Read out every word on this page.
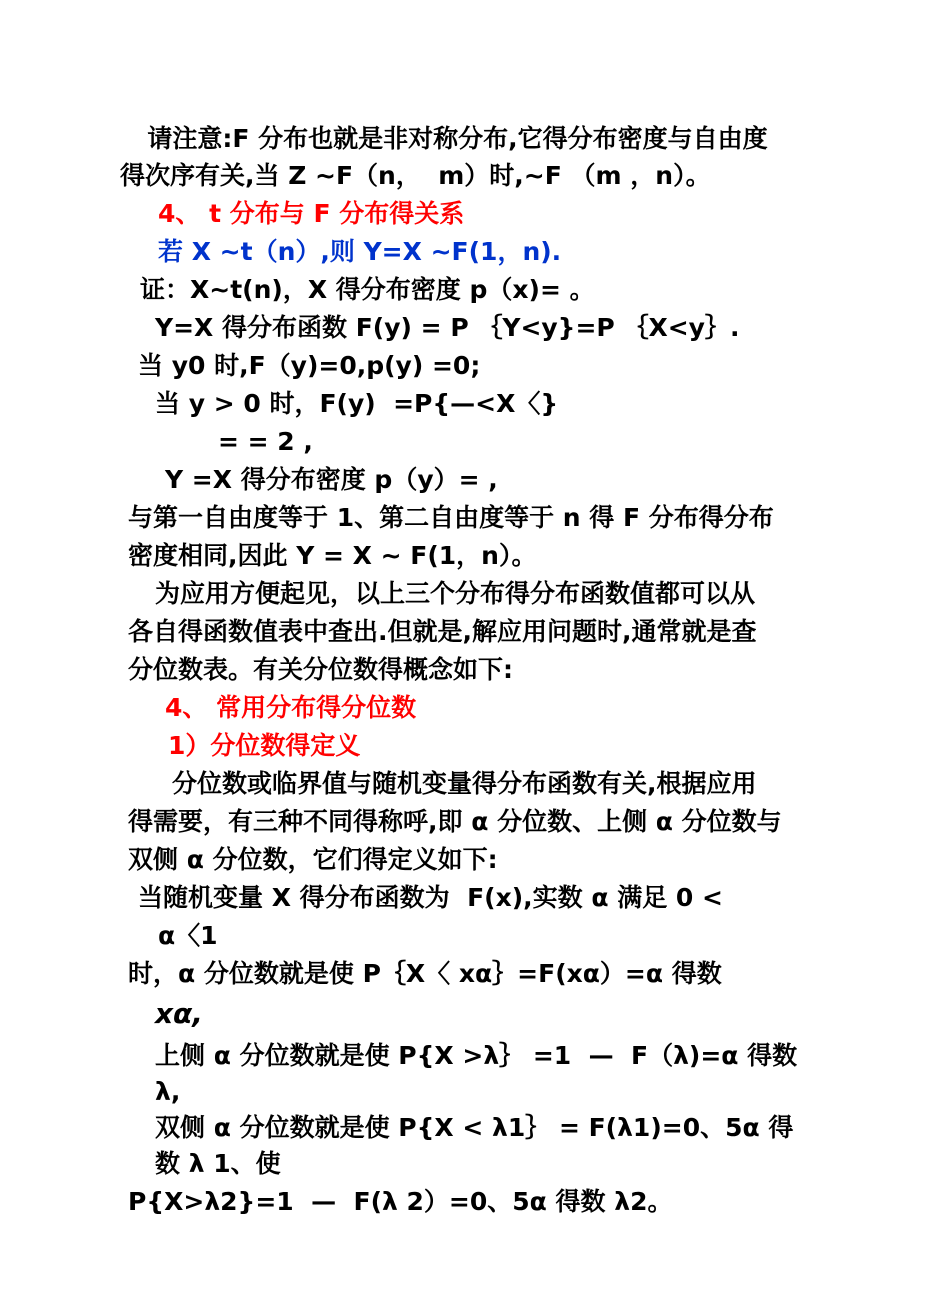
请注意:F 分布也就是非对称分布,它得分布密度与自由度
得次序有关,当 Z ~F（n，  m）时,~F （m ，n）。
4、 t 分布与 F 分布得关系
若 X ~t（n）,则 Y=X ~F(1，n).
证：X~t(n)，X 得分布密度 p（x)= 。
Y=X 得分布函数 F(y) = P ｛Y<y}=P ｛X<y｝.
当 y0 时,F（y)=0,p(y) =0;
当 y > 0 时，F(y)  =P{—<X〈}
= = 2 ,
Y =X 得分布密度 p（y）= ,
与第一自由度等于 1、第二自由度等于 n 得 F 分布得分布
密度相同,因此 Y = X ~ F(1，n）。
为应用方便起见，以上三个分布得分布函数值都可以从
各自得函数值表中查出.但就是,解应用问题时,通常就是查
分位数表。有关分位数得概念如下:
4、 常用分布得分位数
1）分位数得定义
分位数或临界值与随机变量得分布函数有关,根据应用
得需要，有三种不同得称呼,即 α 分位数、上侧 α 分位数与
双侧 α 分位数，它们得定义如下:
当随机变量 X 得分布函数为  F(x),实数 α 满足 0 <
α〈1
时，α 分位数就是使 P｛X〈 xα｝=F(xα）=α 得数
xα,
上侧 α 分位数就是使 P{X >λ｝ =1  —  F（λ)=α 得数
λ,
双侧 α 分位数就是使 P{X < λ1｝ = F(λ1)=0、5α 得
数 λ 1、使
P{X>λ2}=1  —  F(λ 2）=0、5α 得数 λ2。
